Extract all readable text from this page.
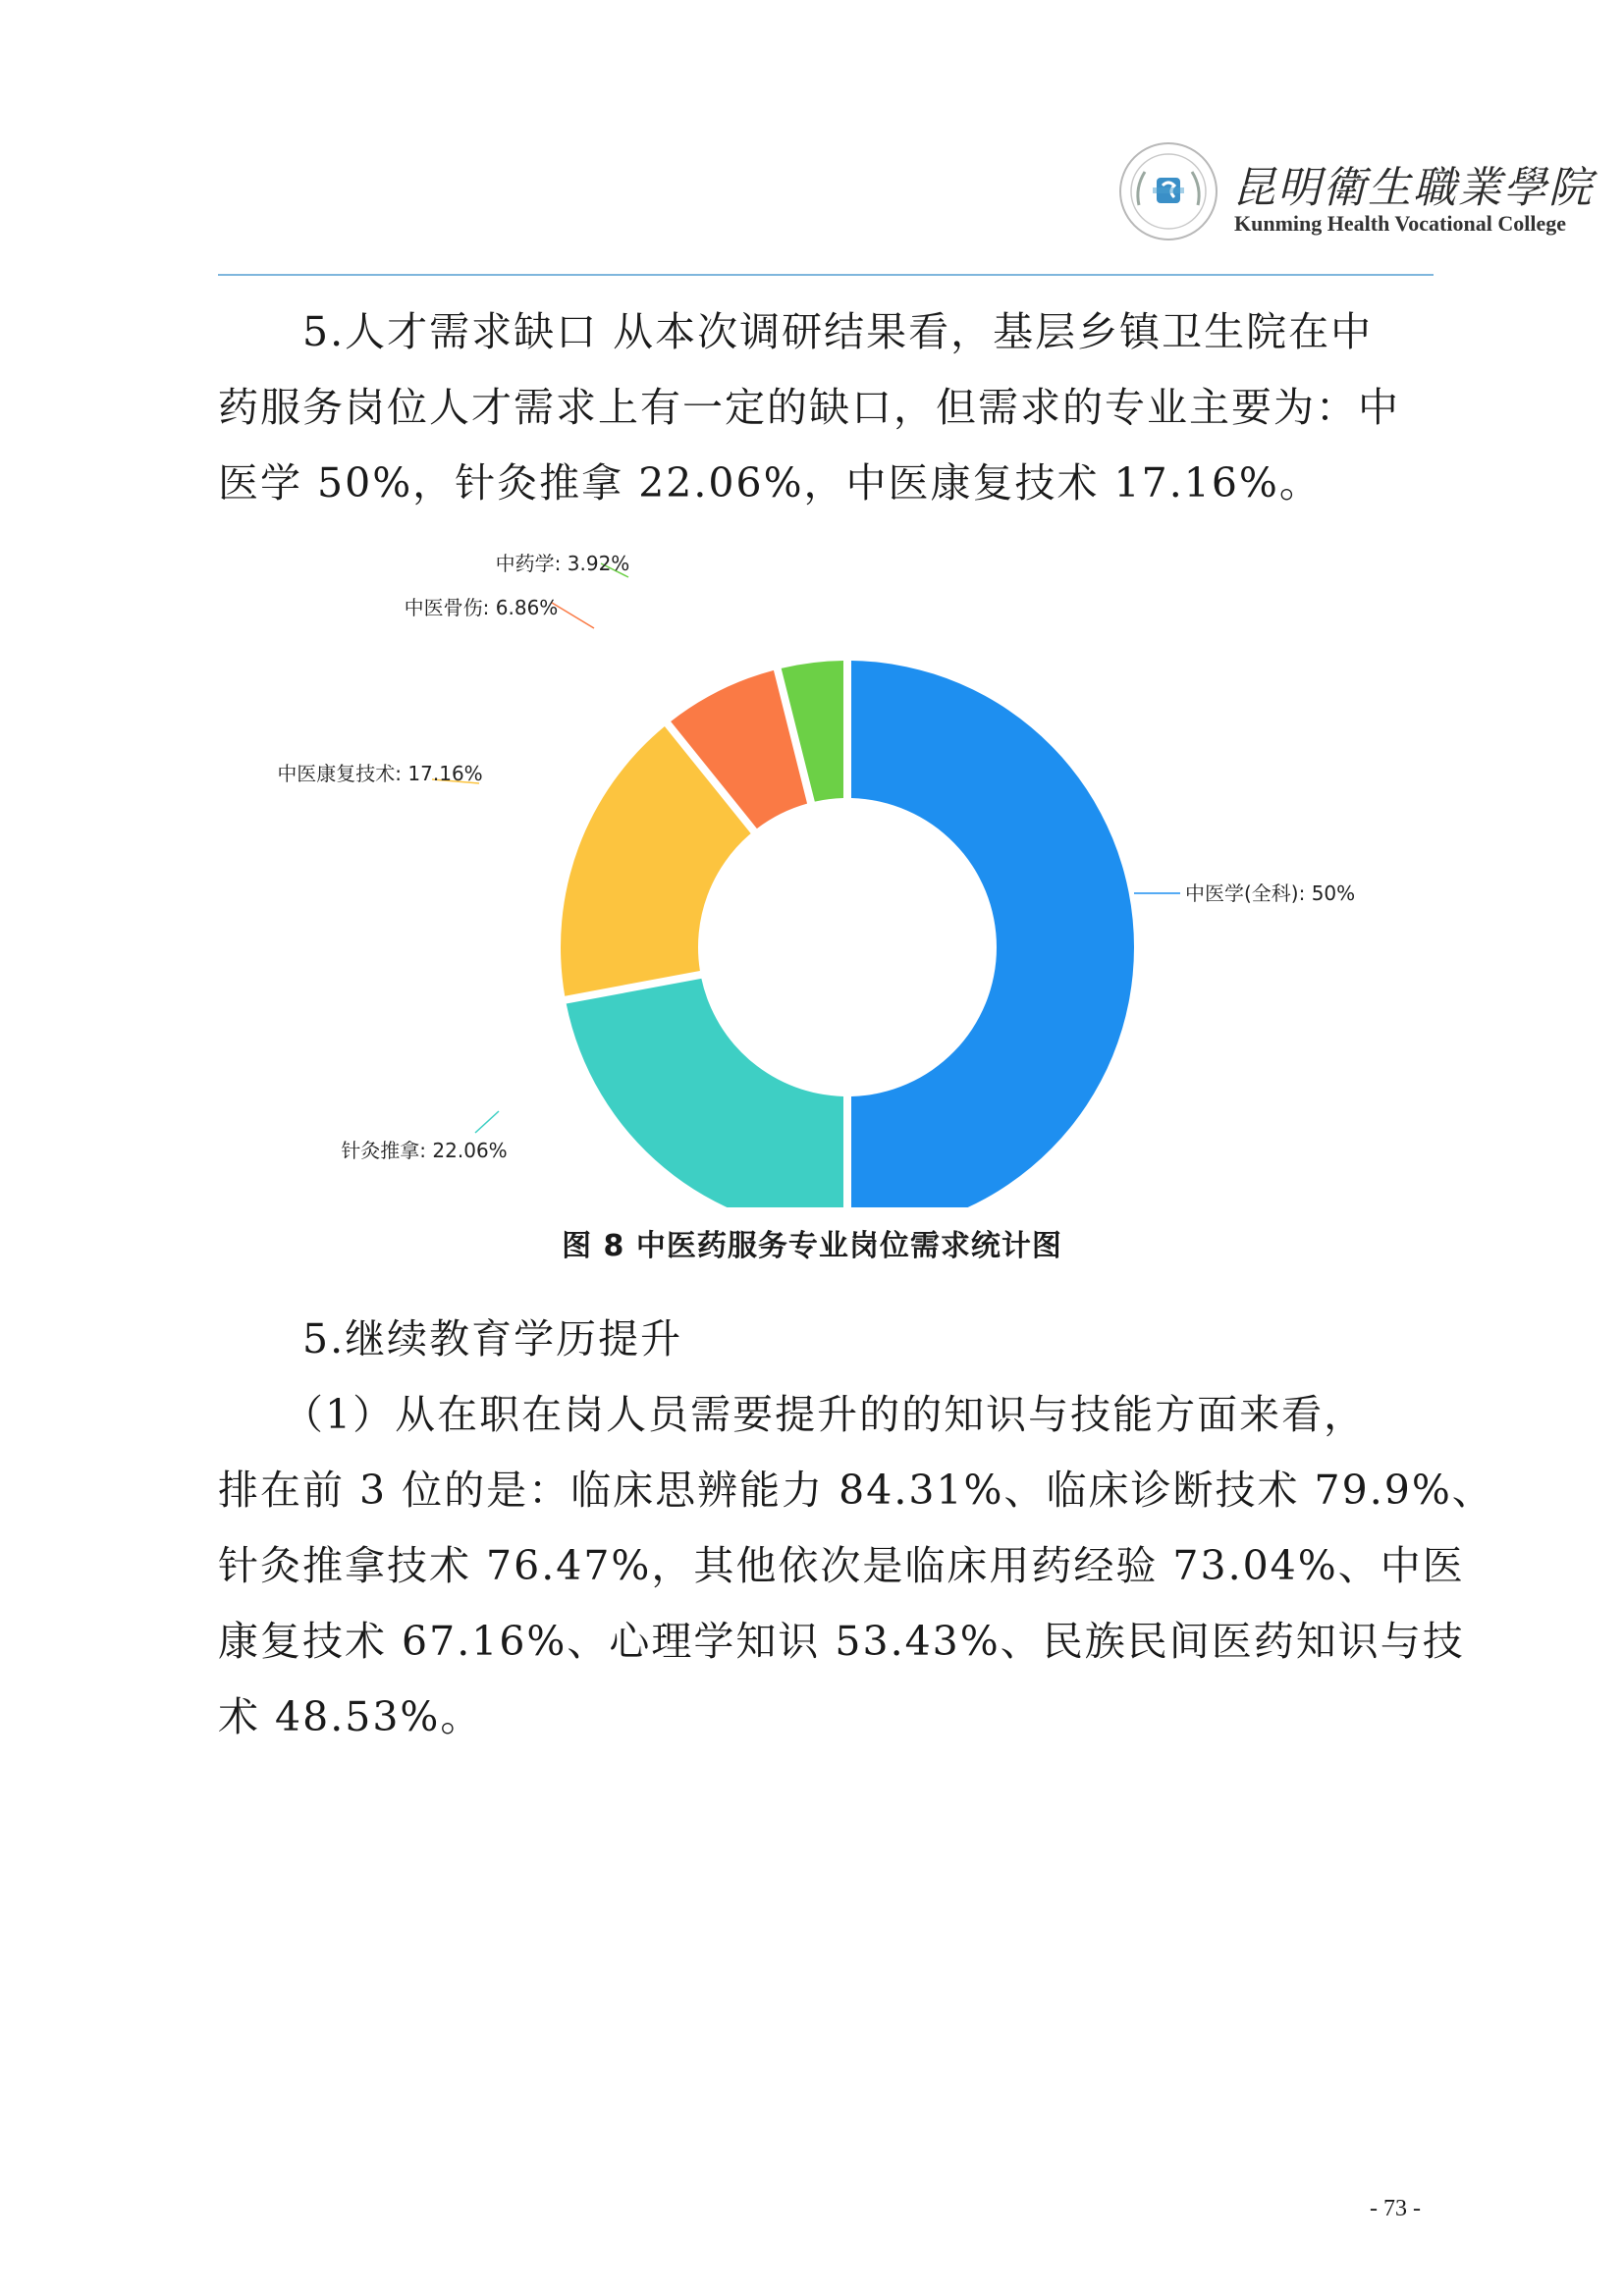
昆明衛生職業學院
Kunming Health Vocational College

5.人才需求缺口 从本次调研结果看，基层乡镇卫生院在中
药服务岗位人才需求上有一定的缺口，但需求的专业主要为：中
医学 50%，针灸推拿 22.06%，中医康复技术 17.16%。

中医学(全科): 50%
针灸推拿: 22.06%
中医康复技术: 17.16%
中医骨伤: 6.86%
中药学: 3.92%
图 8 中医药服务专业岗位需求统计图

5.继续教育学历提升
（1）从在职在岗人员需要提升的的知识与技能方面来看，
排在前 3 位的是：临床思辨能力 84.31%、临床诊断技术 79.9%、
针灸推拿技术 76.47%，其他依次是临床用药经验 73.04%、中医
康复技术 67.16%、心理学知识 53.43%、民族民间医药知识与技
术 48.53%。

- 73 -
